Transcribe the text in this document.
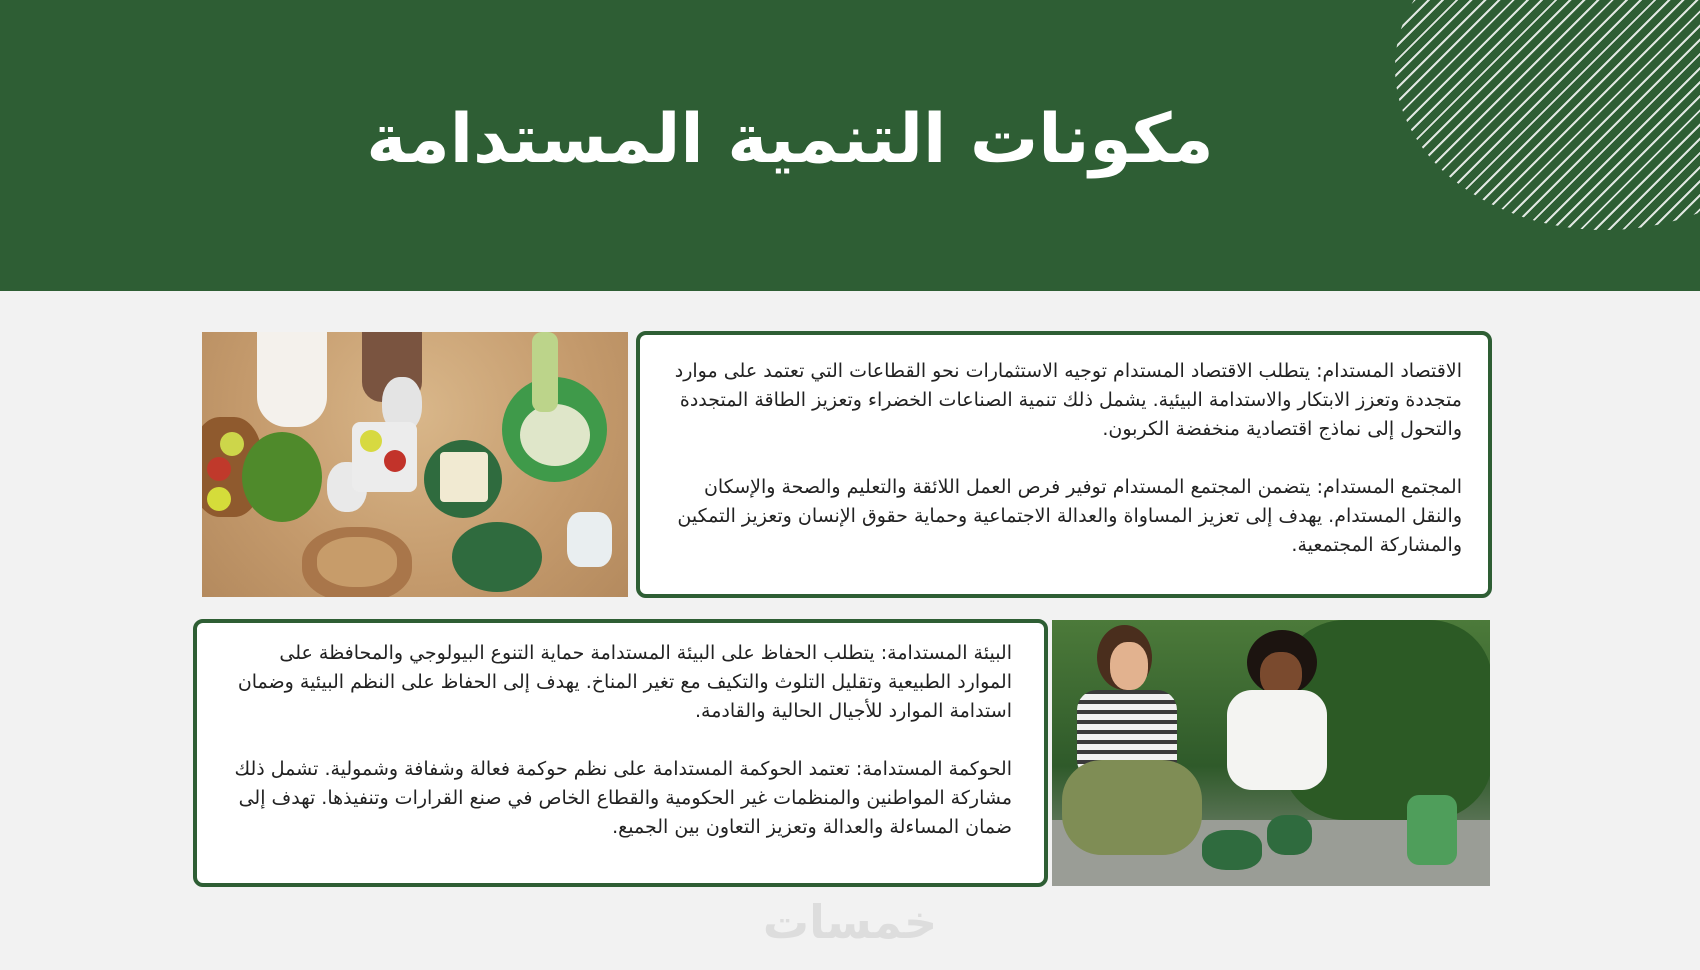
مكونات التنمية المستدامة

الاقتصاد المستدام: يتطلب الاقتصاد المستدام توجيه الاستثمارات نحو القطاعات التي تعتمد على موارد متجددة وتعزز الابتكار والاستدامة البيئية. يشمل ذلك تنمية الصناعات الخضراء وتعزيز الطاقة المتجددة والتحول إلى نماذج اقتصادية منخفضة الكربون.

المجتمع المستدام: يتضمن المجتمع المستدام توفير فرص العمل اللائقة والتعليم والصحة والإسكان والنقل المستدام. يهدف إلى تعزيز المساواة والعدالة الاجتماعية وحماية حقوق الإنسان وتعزيز التمكين والمشاركة المجتمعية.

البيئة المستدامة: يتطلب الحفاظ على البيئة المستدامة حماية التنوع البيولوجي والمحافظة على الموارد الطبيعية وتقليل التلوث والتكيف مع تغير المناخ. يهدف إلى الحفاظ على النظم البيئية وضمان استدامة الموارد للأجيال الحالية والقادمة.

الحوكمة المستدامة: تعتمد الحوكمة المستدامة على نظم حوكمة فعالة وشفافة وشمولية. تشمل ذلك مشاركة المواطنين والمنظمات غير الحكومية والقطاع الخاص في صنع القرارات وتنفيذها. تهدف إلى ضمان المساءلة والعدالة وتعزيز التعاون بين الجميع.

خمسات
